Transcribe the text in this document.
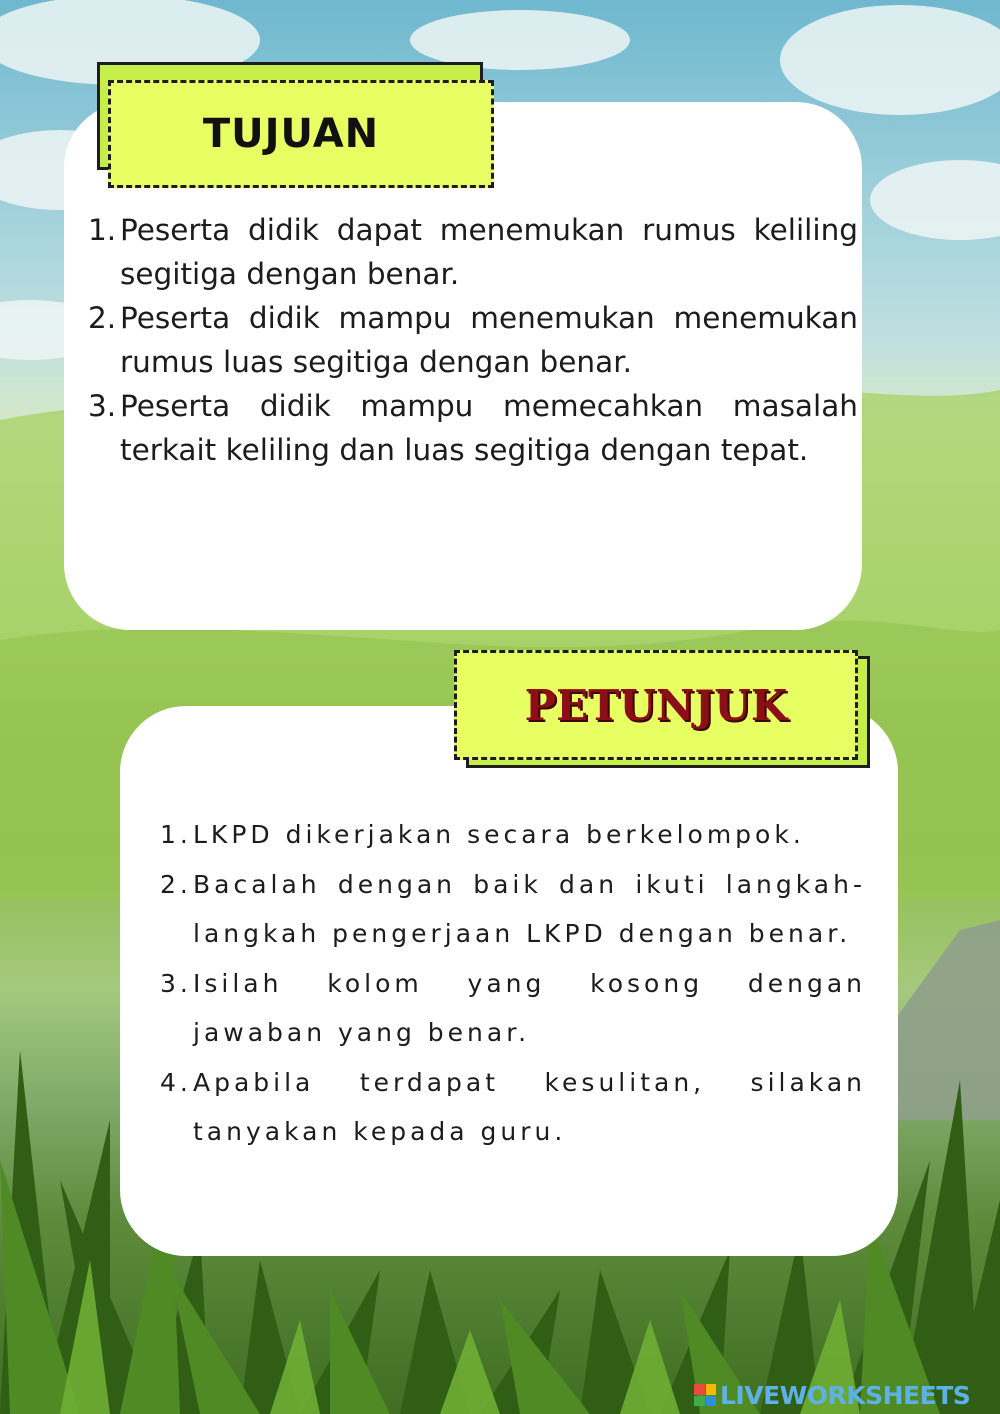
TUJUAN
1. Peserta didik dapat menemukan rumus keliling segitiga dengan benar.
2. Peserta didik mampu menemukan menemukan rumus luas segitiga dengan benar.
3. Peserta didik mampu memecahkan masalah terkait keliling dan luas segitiga dengan tepat.
PETUNJUK
1. LKPD dikerjakan secara berkelompok.
2. Bacalah dengan baik dan ikuti langkah-langkah pengerjaan LKPD dengan benar.
3. Isilah kolom yang kosong dengan jawaban yang benar.
4. Apabila terdapat kesulitan, silakan tanyakan kepada guru.
LIVEWORKSHEETS
